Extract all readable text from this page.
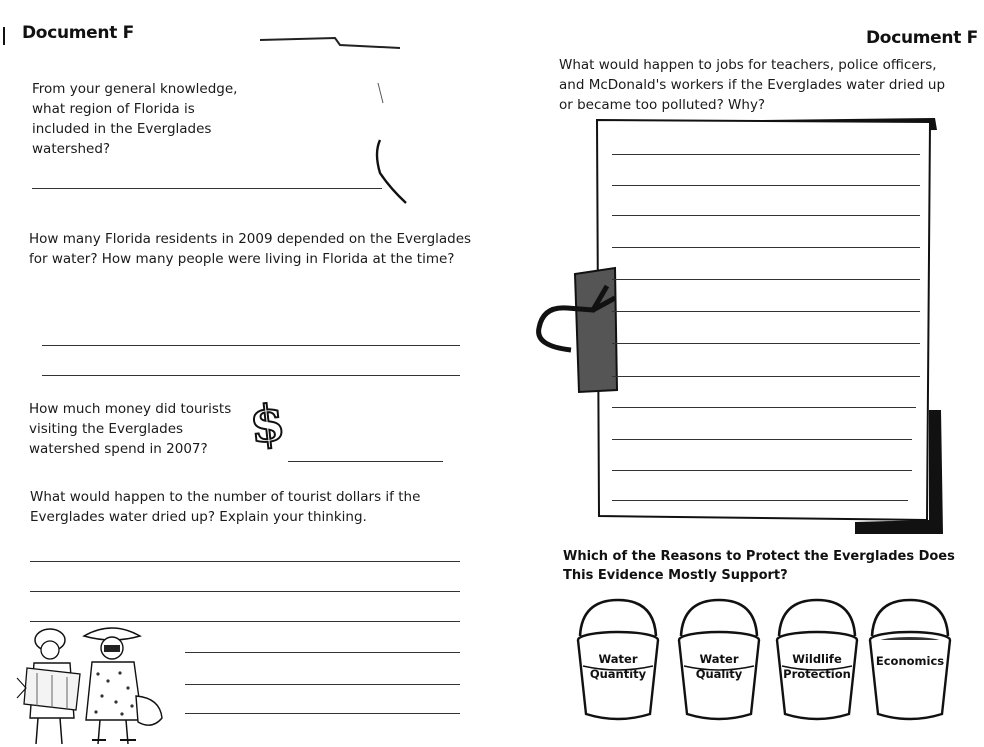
Document F
From your general knowledge, what region of Florida is included in the Everglades watershed?
How many Florida residents in 2009 depended on the Everglades for water? How many people were living in Florida at the time?
How much money did tourists visiting the Everglades watershed spend in 2007? $
What would happen to the number of tourist dollars if the Everglades water dried up? Explain your thinking.
Document F
What would happen to jobs for teachers, police officers, and McDonald's workers if the Everglades water dried up or became too polluted? Why?
Which of the Reasons to Protect the Everglades Does This Evidence Mostly Support?
Water
Quantity
Water
Quality
Wildlife
Protection
Economics
